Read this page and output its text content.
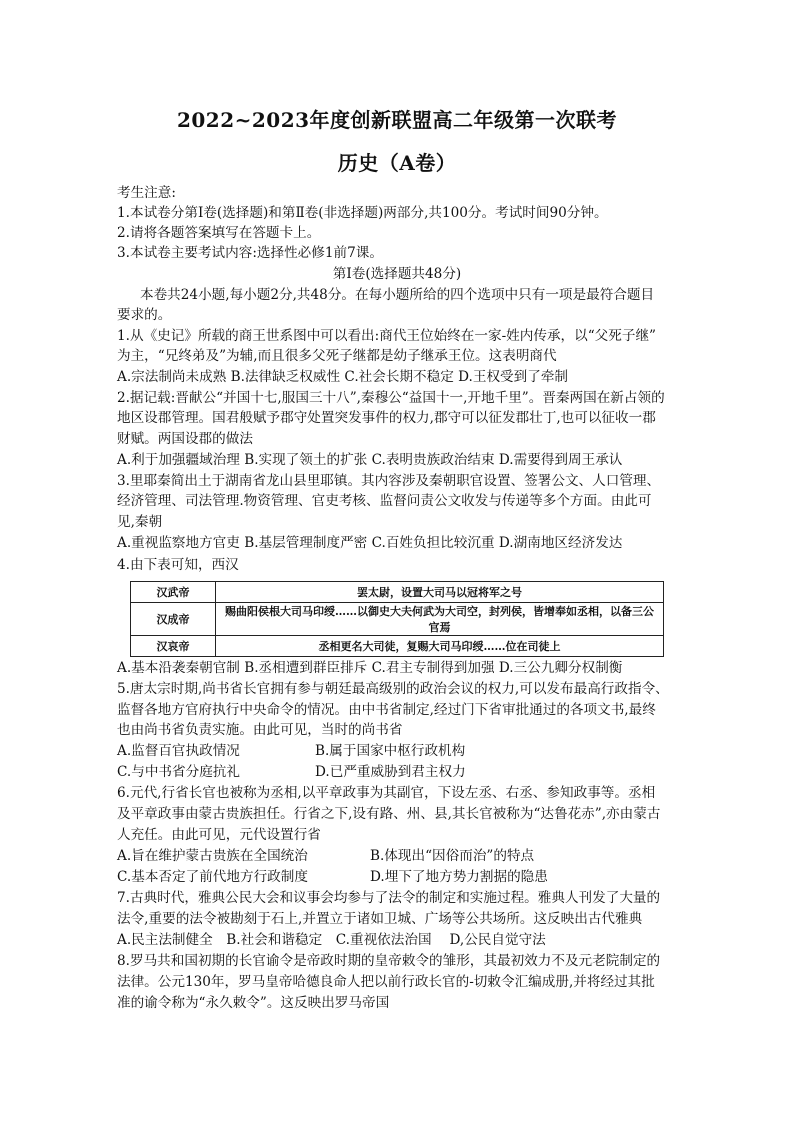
2022~2023年度创新联盟高二年级第一次联考
历史（A卷）
考生注意:
1.本试卷分第Ⅰ卷(选择题)和第Ⅱ卷(非选择题)两部分,共100分。考试时间90分钟。
2.请将各题答案填写在答题卡上。
3.本试卷主要考试内容:选择性必修1前7课。
第Ⅰ卷(选择题共48分)
本卷共24小题,每小题2分,共48分。在每小题所给的四个选项中只有一项是最符合题目
要求的。
1.从《史记》所载的商王世系图中可以看出:商代王位始终在一家-姓内传承，以“父死子继”
为主，“兄终弟及”为辅,而且很多父死子继都是幼子继承王位。这表明商代
A.宗法制尚未成熟 B.法律缺乏权威性 C.社会长期不稳定 D.王权受到了牵制
2.据记载:晋献公“并国十七,服国三十八”,秦穆公“益国十一,开地千里”。晋秦两国在新占领的
地区设郡管理。国君般赋予郡守处置突发事件的权力,郡守可以征发郡壮丁,也可以征收一郡
财赋。两国设郡的做法
A.利于加强疆域治理 B.实现了领土的扩张 C.表明贵族政治结束 D.需要得到周王承认
3.里耶秦简出土于湖南省龙山县里耶镇。其内容涉及秦朝职官设置、签署公文、人口管理、
经济管理、司法管理.物资管理、官吏考核、监督问责公文收发与传递等多个方面。由此可
见,秦朝
A.重视监察地方官吏 B.基层管理制度严密 C.百姓负担比较沉重 D.湖南地区经济发达
4.由下表可知，西汉
汉武帝	罢太尉，设置大司马以冠将军之号
汉成帝	赐曲阳侯根大司马印绶……以御史大夫何武为大司空，封列侯，皆增奉如丞相，以备三公官焉
汉哀帝	丞相更名大司徒，复赐大司马印绶……位在司徒上
A.基本沿袭秦朝官制 B.丞相遭到群臣排斥 C.君主专制得到加强 D.三公九卿分权制衡
5.唐太宗时期,尚书省长官拥有参与朝廷最高级别的政治会议的权力,可以发布最高行政指令、
监督各地方官府执行中央命令的情况。由中书省制定,经过门下省审批通过的各项文书,最终
也由尚书省负责实施。由此可见，当时的尚书省
A.监督百官执政情况	B.属于国家中枢行政机构
C.与中书省分庭抗礼	D.已严重威胁到君主权力
6.元代,行省长官也被称为丞相,以平章政事为其副官，下设左丞、右丞、参知政事等。丞相
及平章政事由蒙古贵族担任。行省之下,设有路、州、县,其长官被称为“达鲁花赤”,亦由蒙古
人充任。由此可见，元代设置行省
A.旨在维护蒙古贵族在全国统治	B.体现出“因俗而治”的特点
C.基本否定了前代地方行政制度	D.埋下了地方势力割据的隐患
7.古典时代，雅典公民大会和议事会均参与了法令的制定和实施过程。雅典人刊发了大量的
法令,重要的法令被勘刻于石上,并置立于诸如卫城、广场等公共场所。这反映出古代雅典
A.民主法制健全　B.社会和谐稳定　C.重视依法治国　 D,公民自觉守法
8.罗马共和国初期的长官谕令是帝政时期的皇帝敕令的雏形，其最初效力不及元老院制定的
法律。公元130年，罗马皇帝哈德良命人把以前行政长官的-切敕令汇编成册,并将经过其批
准的谕令称为“永久敕令”。这反映出罗马帝国
